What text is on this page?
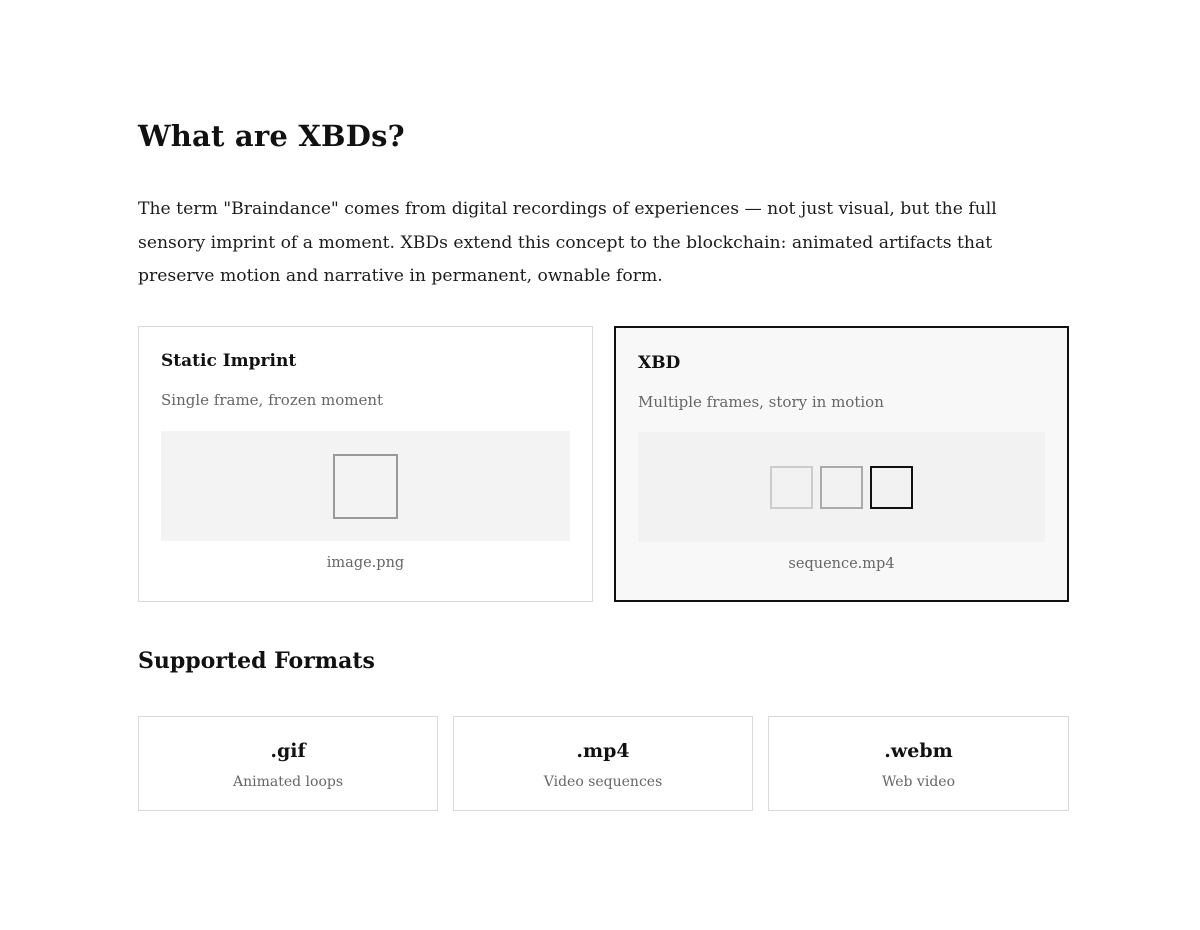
What are XBDs?

The term "Braindance" comes from digital recordings of experiences — not just visual, but the full sensory imprint of a moment. XBDs extend this concept to the blockchain: animated artifacts that preserve motion and narrative in permanent, ownable form.

Static Imprint
Single frame, frozen moment
image.png
XBD
Multiple frames, story in motion
sequence.mp4
Supported Formats
.gif
Animated loops
.mp4
Video sequences
.webm
Web video
